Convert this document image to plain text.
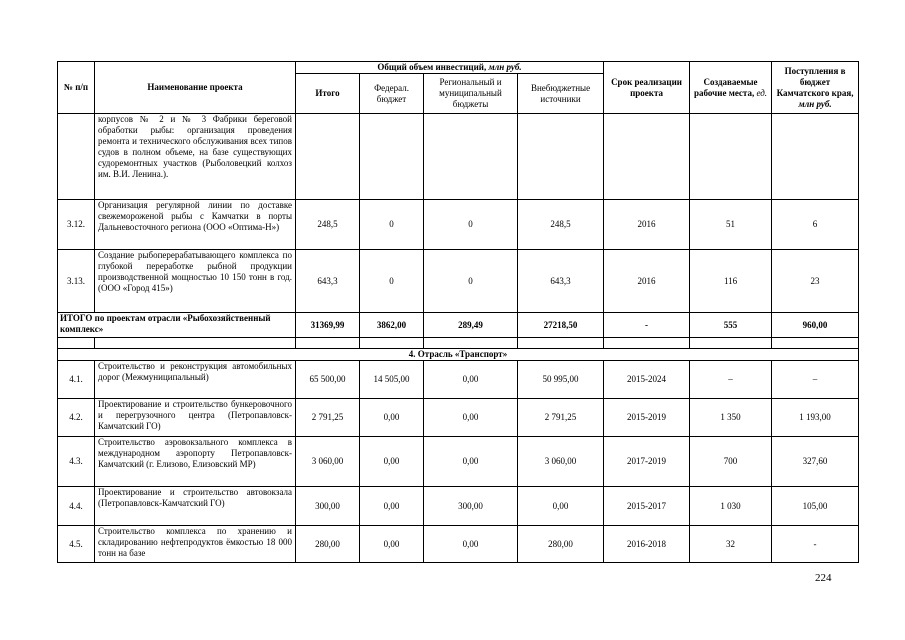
№ п/п	Наименование проекта	Общий объем инвестиций, млн руб.				Срок реализации проекта	Создаваемые рабочие места, ед.	Поступления в бюджет Камчатского края, млн руб.
		Итого	Федерал. бюджет	Региональный и муниципальный бюджеты	Внебюджетные источники			
	корпусов № 2 и № 3 Фабрики береговой обработки рыбы: организация проведения ремонта и технического обслуживания всех типов судов в полном объеме, на базе существующих судоремонтных участков (Рыболовецкий колхоз им. В.И. Ленина.).							
3.12.	Организация регулярной линии по доставке свежемороженой рыбы с Камчатки в порты Дальневосточного региона (ООО «Оптима-Н»)	248,5	0	0	248,5	2016	51	6
3.13.	Создание рыбоперерабатывающего комплекса по глубокой переработке рыбной продукции производственной мощностью 10 150 тонн в год. (ООО «Город 415»)	643,3	0	0	643,3	2016	116	23
ИТОГО по проектам отрасли «Рыбохозяйственный комплекс»		31369,99	3862,00	289,49	27218,50	-	555	960,00

4. Отрасль «Транспорт»								
4.1.	Строительство и реконструкция автомобильных дорог (Межмуниципальный)	65 500,00	14 505,00	0,00	50 995,00	2015-2024	–	–
4.2.	Проектирование и строительство бункеровочного и перегрузочного центра (Петропавловск-Камчатский ГО)	2 791,25	0,00	0,00	2 791,25	2015-2019	1 350	1 193,00
4.3.	Строительство аэровокзального комплекса в международном аэропорту Петропавловск-Камчатский (г. Елизово, Елизовский МР)	3 060,00	0,00	0,00	3 060,00	2017-2019	700	327,60
4.4.	Проектирование и строительство автовокзала (Петропавловск-Камчатский ГО)	300,00	0,00	300,00	0,00	2015-2017	1 030	105,00
4.5.	Строительство комплекса по хранению и складированию нефтепродуктов ёмкостью 18 000 тонн на базе	280,00	0,00	0,00	280,00	2016-2018	32	-
224
